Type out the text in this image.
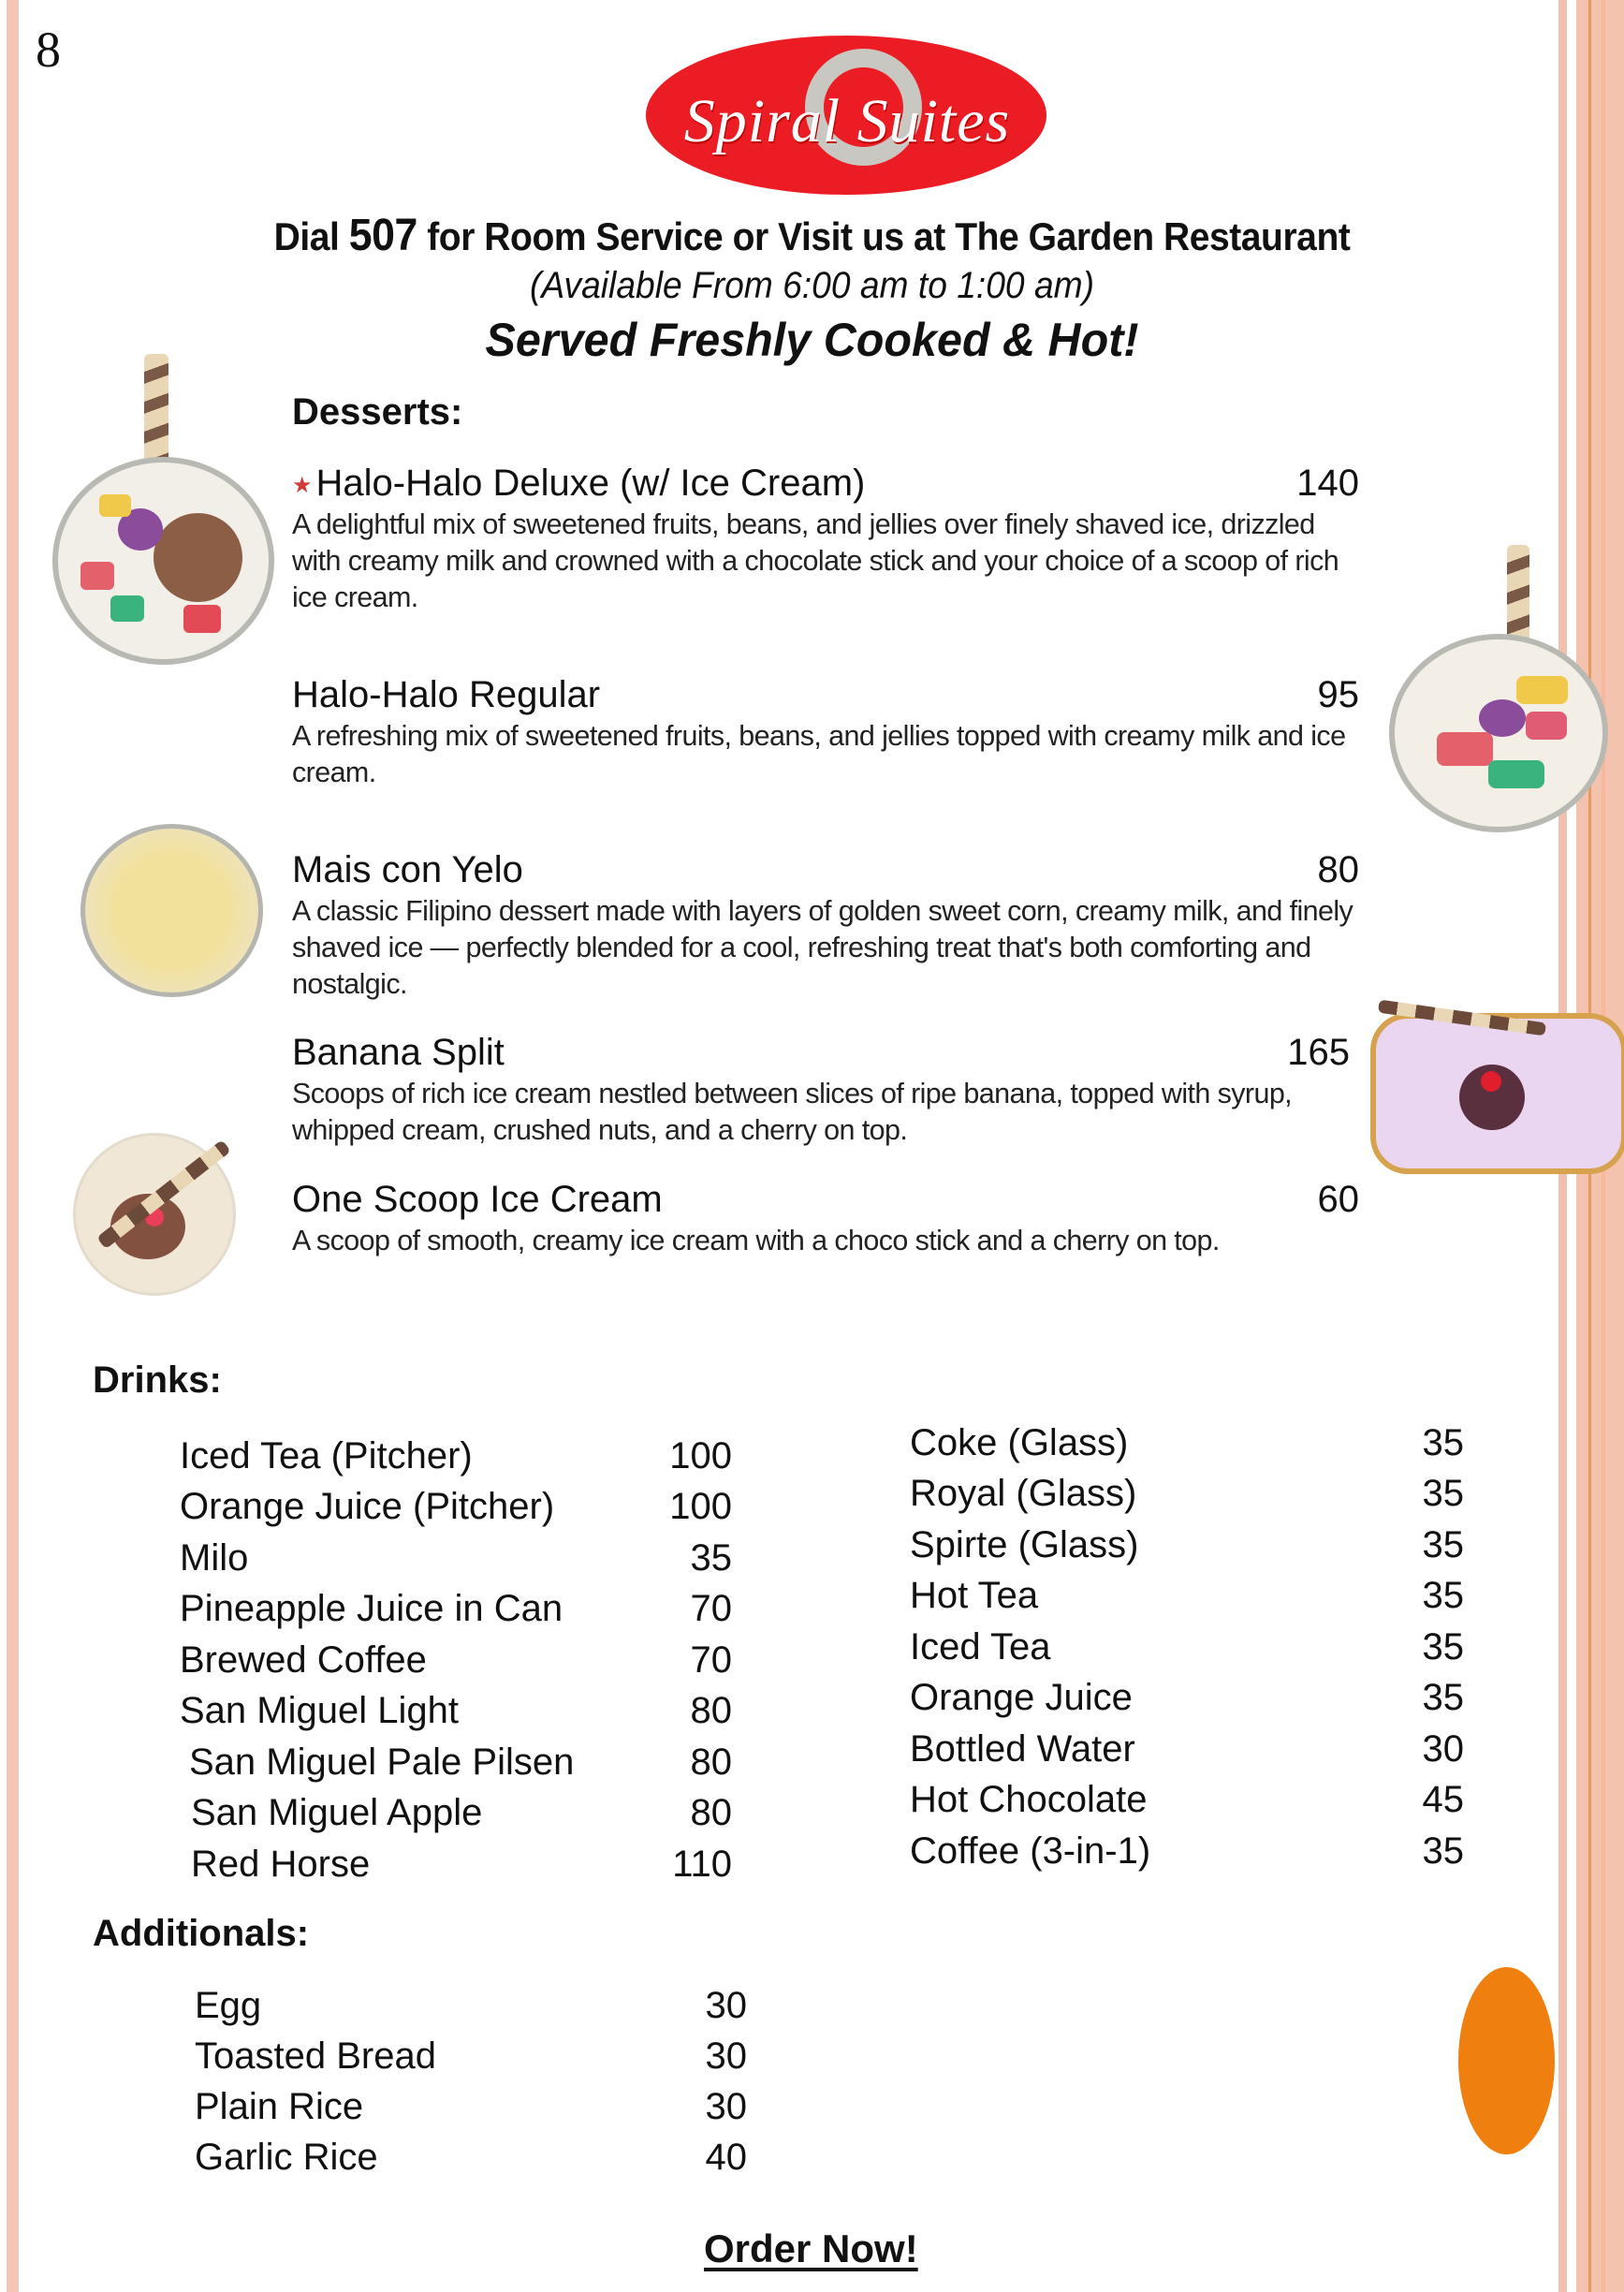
8
Spiral Suites
Dial 507 for Room Service or Visit us at The Garden Restaurant
(Available From 6:00 am to 1:00 am)
Served Freshly Cooked & Hot!
Desserts:
★ Halo-Halo Deluxe (w/ Ice Cream)	140
A delightful mix of sweetened fruits, beans, and jellies over finely shaved ice, drizzled with creamy milk and crowned with a chocolate stick and your choice of a scoop of rich ice cream.
Halo-Halo Regular	95
A refreshing mix of sweetened fruits, beans, and jellies topped with creamy milk and ice cream.
Mais con Yelo	80
A classic Filipino dessert made with layers of golden sweet corn, creamy milk, and finely shaved ice — perfectly blended for a cool, refreshing treat that's both comforting and nostalgic.
Banana Split	165
Scoops of rich ice cream nestled between slices of ripe banana, topped with syrup, whipped cream, crushed nuts, and a cherry on top.
One Scoop Ice Cream	60
A scoop of smooth, creamy ice cream with a choco stick and a cherry on top.
Drinks:
Iced Tea (Pitcher)	100
Orange Juice (Pitcher)	100
Milo	35
Pineapple Juice in Can	70
Brewed Coffee	70
San Miguel Light	80
San Miguel Pale Pilsen	80
San Miguel Apple	80
Red Horse	110
Coke (Glass)	35
Royal (Glass)	35
Spirte (Glass)	35
Hot Tea	35
Iced Tea	35
Orange Juice	35
Bottled Water	30
Hot Chocolate	45
Coffee (3-in-1)	35
Additionals:
Egg	30
Toasted Bread	30
Plain Rice	30
Garlic Rice	40
Order Now!
